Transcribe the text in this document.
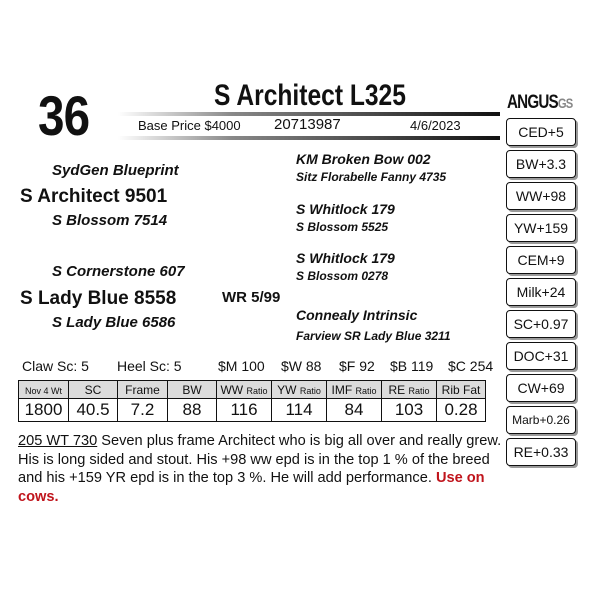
36	S Architect L325
Base Price $4000 20713987	4/6/2023
SydGen Blueprint
S Architect 9501
S Blossom 7514
S Cornerstone 607
S Lady Blue 8558	WR 5/99
S Lady Blue 6586
KM Broken Bow 002
Sitz Florabelle Fanny 4735
S Whitlock 179
S Blossom 5525
S Whitlock 179
S Blossom 0278
Connealy Intrinsic
Farview SR Lady Blue 3211
Claw Sc: 5 Heel Sc: 5	$M 100 $W 88 $F 92 $B 119 $C 254
Nov 4 Wt	SC	Frame	BW	WW Ratio	YW Ratio	IMF Ratio	RE Ratio	Rib Fat
1800	40.5	7.2	88	116	114	84	103	0.28
205 WT 730 Seven plus frame Architect who is big all over and really grew. His is long sided and stout. His +98 ww epd is in the top 1 % of the breed and his +159 YR epd is in the top 3 %. He will add performance. Use on cows.
ANGUSGS
CED+5
BW+3.3
WW+98
YW+159
CEM+9
Milk+24
SC+0.97
DOC+31
CW+69
Marb+0.26
RE+0.33
